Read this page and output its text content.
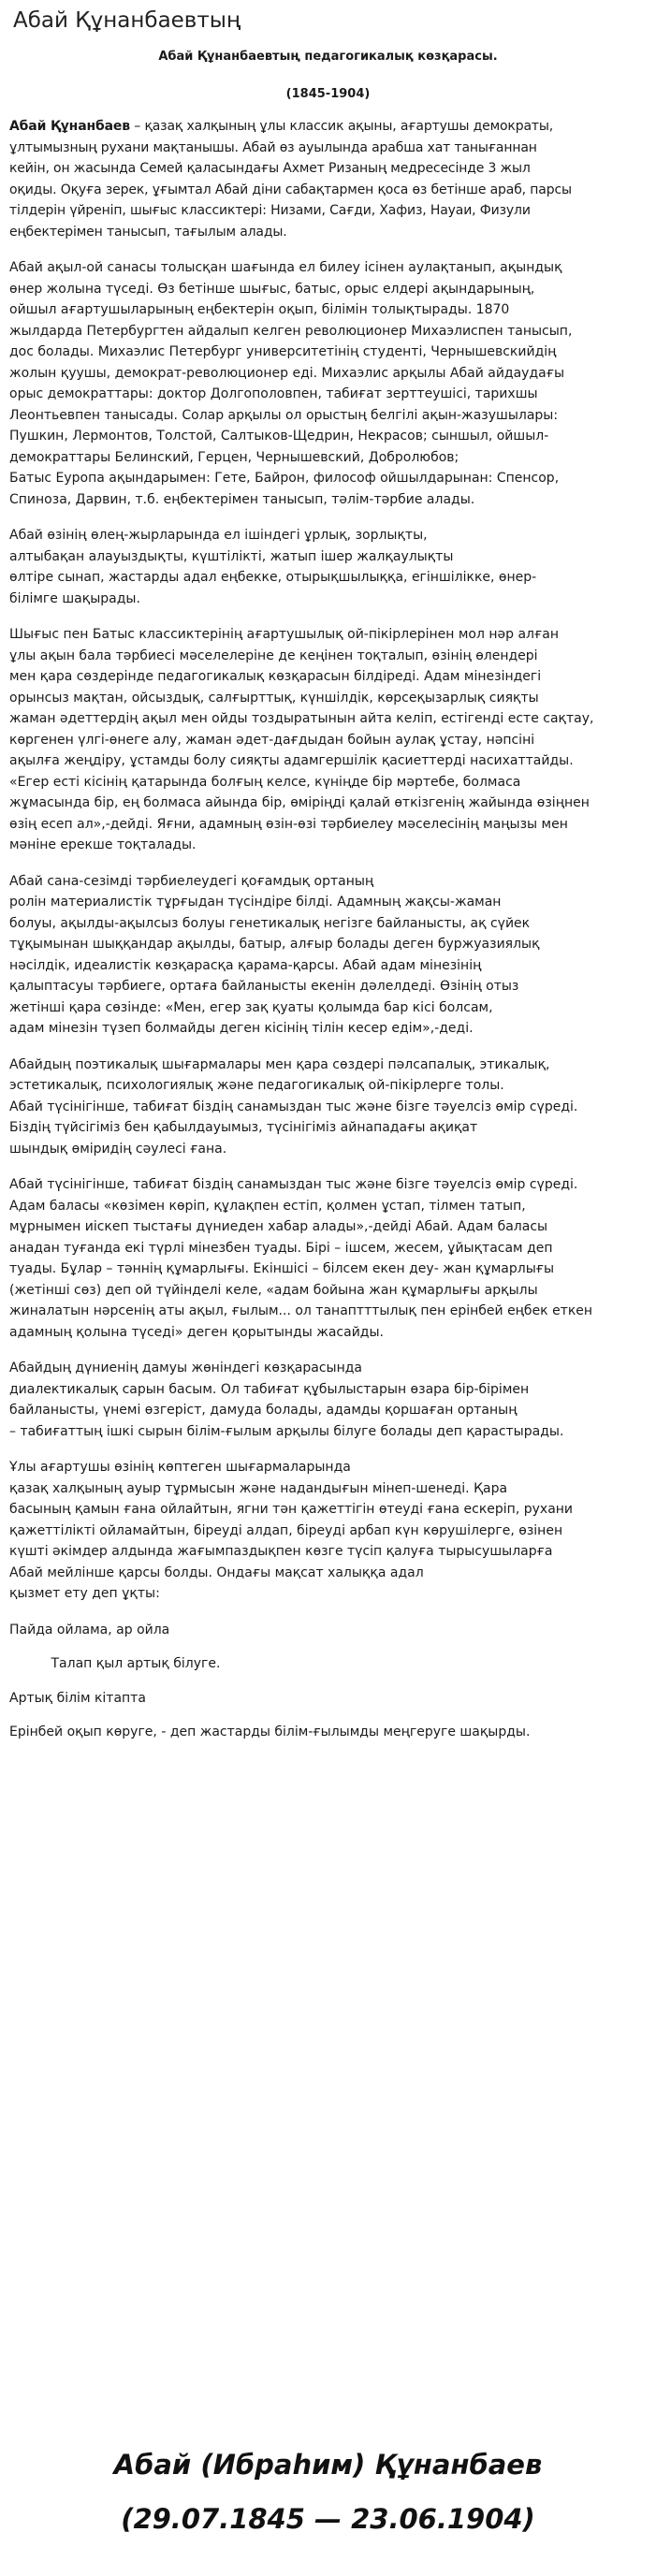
Абай Құнанбаевтың

Абай Құнанбаевтың педагогикалық көзқарасы.

(1845-1904)

Абай Құнанбаев – қазақ халқының ұлы классик ақыны, ағартушы демократы,
ұлтымызның рухани мақтанышы. Абай өз ауылында арабша хат танығаннан
кейін, он жасында Семей қаласындағы Ахмет Ризаның медресесінде 3 жыл
оқиды. Оқуға зерек, ұғымтал Абай діни сабақтармен қоса өз бетінше араб, парсы
тілдерін үйреніп, шығыс классиктері: Низами, Сағди, Хафиз, Науаи, Физули
еңбектерімен танысып, тағылым алады.
Абай ақыл-ой санасы толысқан шағында ел билеу ісінен аулақтанып, ақындық
өнер жолына түседі. Өз бетінше шығыс, батыс, орыс елдері ақындарының,
ойшыл ағартушыларының еңбектерін оқып, білімін толықтырады. 1870
жылдарда Петербургтен айдалып келген революционер Михаэлиспен танысып,
дос болады. Михаэлис Петербург университетінің студенті, Чернышевскийдің
жолын қуушы, демократ-революционер еді. Михаэлис арқылы Абай айдаудағы
орыс демократтары: доктор Долгополовпен, табиғат зерттеушісі, тарихшы
Леонтьевпен танысады. Солар арқылы ол орыстың белгілі ақын-жазушылары:
Пушкин, Лермонтов, Толстой, Салтыков-Щедрин, Некрасов; сыншыл, ойшыл-
демократтары Белинский, Герцен, Чернышевский, Добролюбов;
Батыс Еуропа ақындарымен: Гете, Байрон, философ ойшылдарынан: Спенсор,
Спиноза, Дарвин, т.б. еңбектерімен танысып, тәлім-тәрбие алады.
Абай өзінің өлең-жырларында ел ішіндегі ұрлық, зорлықты,
алтыбақан алауыздықты, күштілікті, жатып ішер жалқаулықты
өлтіре сынап, жастарды адал еңбекке, отырықшылыққа, егіншілікке, өнер-
білімге шақырады.
Шығыс пен Батыс классиктерінің ағартушылық ой-пікірлерінен мол нәр алған
ұлы ақын бала тәрбиесі мәселелеріне де кеңінен тоқталып, өзінің өлендері
мен қара сөздерінде педагогикалық көзқарасын білдіреді. Адам мінезіндегі
орынсыз мақтан, ойсыздық, салғырттық, күншілдік, көрсеқызарлық сияқты
жаман әдеттердің ақыл мен ойды тоздыратынын айта келіп, естігенді есте сақтау,
көргенен үлгі-өнеге алу, жаман әдет-дағдыдан бойын аулақ ұстау, нәпсіні
ақылға жеңдіру, ұстамды болу сияқты адамгершілік қасиеттерді насихаттайды.
«Егер есті кісінің қатарында болғың келсе, күніңде бір мәртебе, болмаса
жұмасында бір, ең болмаса айында бір, өміріңді қалай өткізгенің жайында өзіңнен
өзің есеп ал»,-дейді. Яғни, адамның өзін-өзі тәрбиелеу мәселесінің маңызы мен
мәніне ерекше тоқталады.
Абай сана-сезімді тәрбиелеудегі қоғамдық ортаның
ролін материалистік тұрғыдан түсіндіре білді. Адамның жақсы-жаман
болуы, ақылды-ақылсыз болуы генетикалық негізге байланысты, ақ сүйек
тұқымынан шыққандар ақылды, батыр, алғыр болады деген буржуазиялық
нәсілдік, идеалистік көзқарасқа қарама-қарсы. Абай адам мінезінің
қалыптасуы тәрбиеге, ортаға байланысты екенін дәлелдеді. Өзінің отыз
жетінші қара сөзінде: «Мен, егер зақ қуаты қолымда бар кісі болсам,
адам мінезін түзеп болмайды деген кісінің тілін кесер едім»,-деді.
Абайдың поэтикалық шығармалары мен қара сөздері пәлсапалық, этикалық,
эстетикалық, психологиялық және педагогикалық ой-пікірлерге толы.
Абай түсінігінше, табиғат біздің санамыздан тыс және бізге тәуелсіз өмір сүреді.
Біздің түйсігіміз бен қабылдауымыз, түсінігіміз айнападағы ақиқат
шындық өміридің сәулесі ғана.
Абай түсінігінше, табиғат біздің санамыздан тыс және бізге тәуелсіз өмір сүреді.
Адам баласы «көзімен көріп, құлақпен естіп, қолмен ұстап, тілмен татып,
мұрнымен иіскеп тыстағы дүниеден хабар алады»,-дейді Абай. Адам баласы
анадан туғанда екі түрлі мінезбен туады. Бірі – ішсем, жесем, ұйықтасам деп
туады. Бұлар – тәннің құмарлығы. Екіншісі – білсем екен деу- жан құмарлығы
(жетінші сөз) деп ой түйінделі келе, «адам бойына жан құмарлығы арқылы
жиналатын нәрсенің аты ақыл, ғылым... ол танаптттылық пен ерінбей еңбек еткен
адамның қолына түседі» деген қорытынды жасайды.
Абайдың дүниенің дамуы жөніндегі көзқарасында
диалектикалық сарын басым. Ол табиғат құбылыстарын өзара бір-бірімен
байланысты, үнемі өзгеріст, дамуда болады, адамды қоршаған ортаның
– табиғаттың ішкі сырын білім-ғылым арқылы білуге болады деп қарастырады.
Ұлы ағартушы өзінің көптеген шығармаларында
қазақ халқының ауыр тұрмысын және надандығын мінеп-шенеді. Қара
басының қамын ғана ойлайтын, ягни тән қажеттігін өтеуді ғана ескеріп, рухани
қажеттілікті ойламайтын, біреуді алдап, біреуді арбап күн көрушілерге, өзінен
күшті әкімдер алдында жағымпаздықпен көзге түсіп қалуға тырысушыларға
Абай мейлінше қарсы болды. Ондағы мақсат халыққа адал
қызмет ету деп ұқты:
Пайда ойламa, ар ойла
Талап қыл артық білуге.
Артық білім кітапта
Ерінбей оқып көруге, - деп жастарды білім-ғылымды меңгеруге шақырды.

Абай (Ибраһим) Құнанбаев

(29.07.1845 — 23.06.1904)
